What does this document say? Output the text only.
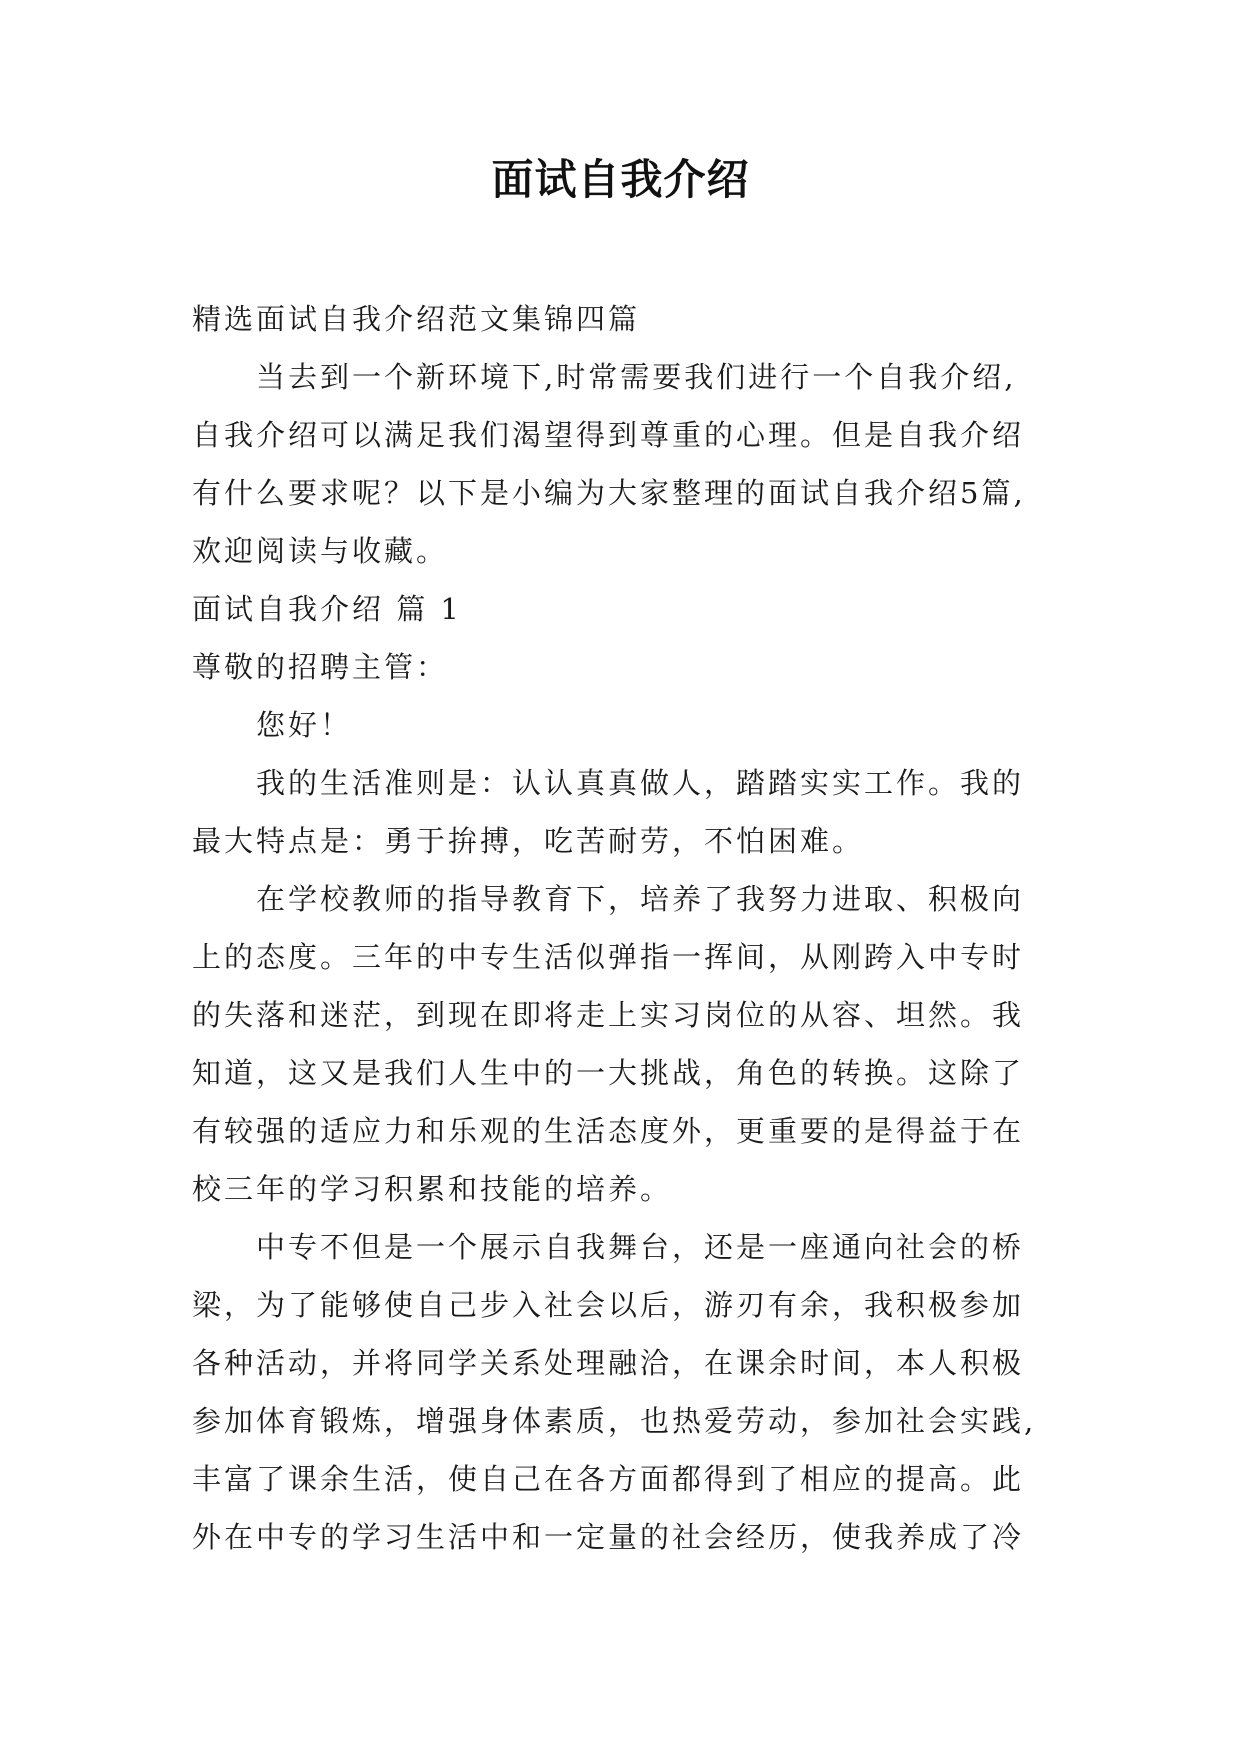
面试自我介绍
精选面试自我介绍范文集锦四篇
当去到一个新环境下,时常需要我们进行一个自我介绍,
自我介绍可以满足我们渴望得到尊重的心理。但是自我介绍
有什么要求呢？以下是小编为大家整理的面试自我介绍5篇,
欢迎阅读与收藏。
面试自我介绍 篇 1
尊敬的招聘主管：
您好！
我的生活准则是：认认真真做人，踏踏实实工作。我的
最大特点是：勇于拚搏，吃苦耐劳，不怕困难。
在学校教师的指导教育下，培养了我努力进取、积极向
上的态度。三年的中专生活似弹指一挥间，从刚跨入中专时
的失落和迷茫，到现在即将走上实习岗位的从容、坦然。我
知道，这又是我们人生中的一大挑战，角色的转换。这除了
有较强的适应力和乐观的生活态度外，更重要的是得益于在
校三年的学习积累和技能的培养。
中专不但是一个展示自我舞台，还是一座通向社会的桥
梁，为了能够使自己步入社会以后，游刃有余，我积极参加
各种活动，并将同学关系处理融洽，在课余时间，本人积极
参加体育锻炼，增强身体素质，也热爱劳动，参加社会实践,
丰富了课余生活，使自己在各方面都得到了相应的提高。此
外在中专的学习生活中和一定量的社会经历，使我养成了冷
